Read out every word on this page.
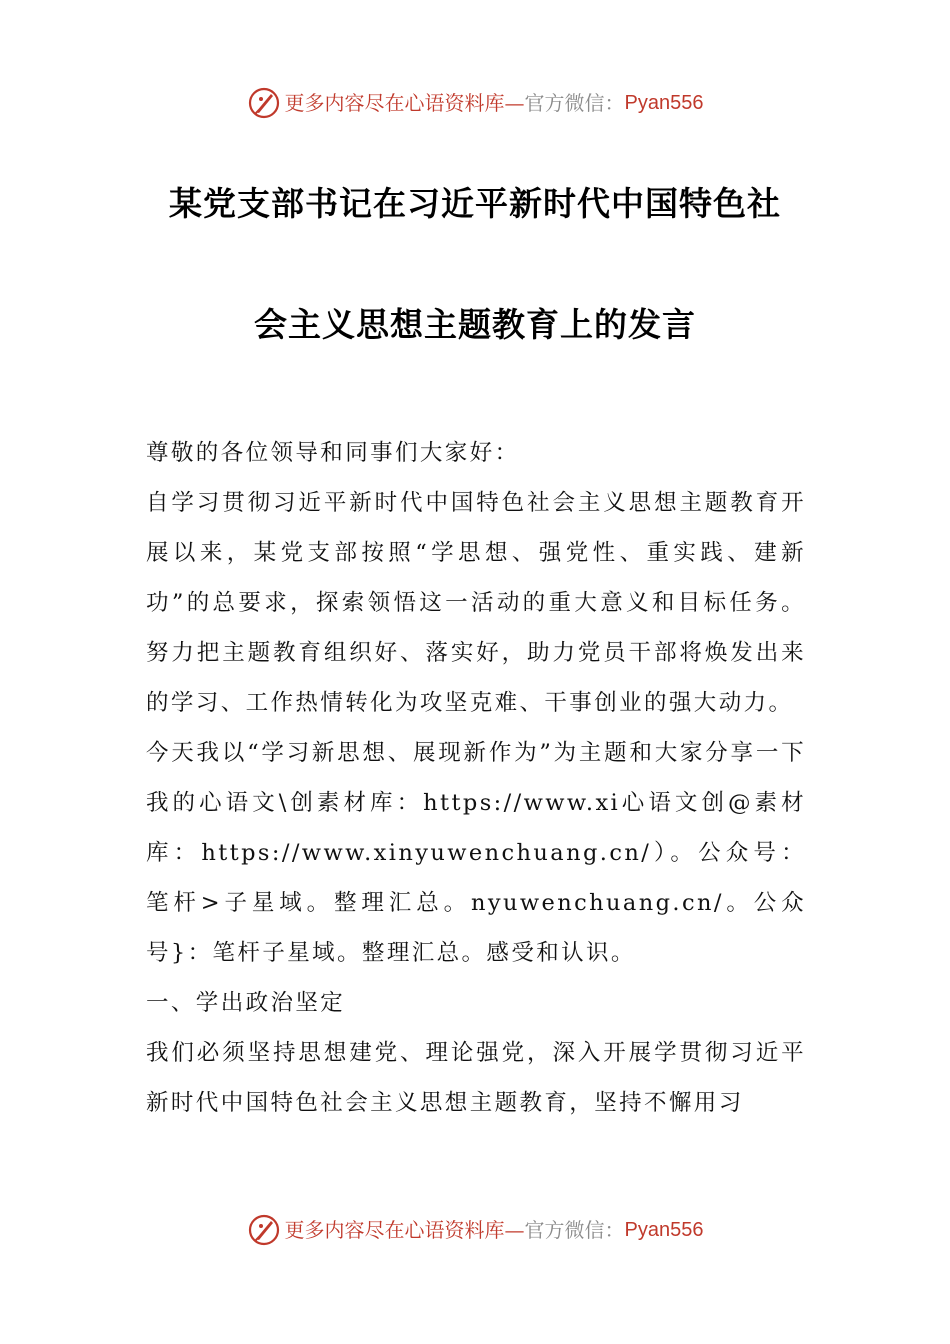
更多内容尽在心语资料库 — 官方微信： Pyan556
某党支部书记在习近平新时代中国特色社
会主义思想主题教育上的发言

尊敬的各位领导和同事们大家好：

自学习贯彻习近平新时代中国特色社会主义思想主题教育开展以来，某党支部按照“学思想、强党性、重实践、建新功”的总要求，探索领悟这一活动的重大意义和目标任务。努力把主题教育组织好、落实好，助力党员干部将焕发出来的学习、工作热情转化为攻坚克难、干事创业的强大动力。

今天我以“学习新思想、展现新作为”为主题和大家分享一下我的心语文\创素材库：https://www.xi心语文创@素材库：https://www.xinyuwenchuang.cn/）。公众号：笔杆>子星域。整理汇总。nyuwenchuang.cn/。公众号}：笔杆子星域。整理汇总。感受和认识。

一、学出政治坚定

我们必须坚持思想建党、理论强党，深入开展学贯彻习近平新时代中国特色社会主义思想主题教育，坚持不懈用习

更多内容尽在心语资料库 — 官方微信： Pyan556
